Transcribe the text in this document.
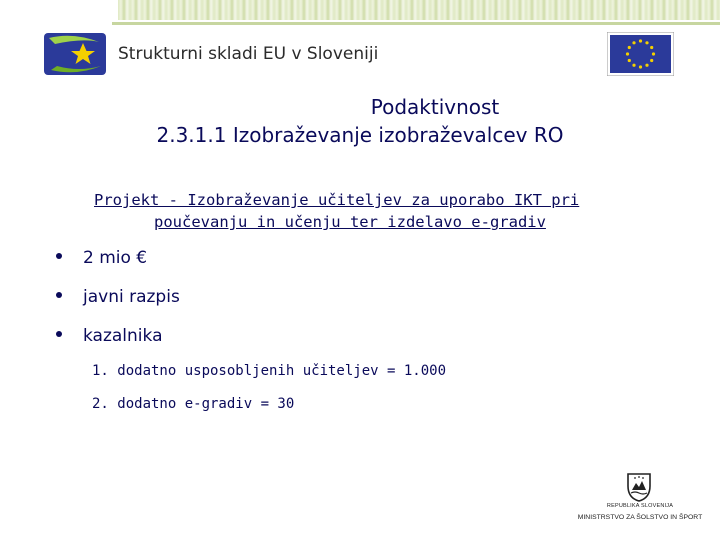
Strukturni skladi EU v Sloveniji
Podaktivnost
2.3.1.1 Izobraževanje izobraževalcev RO
Projekt - Izobraževanje učiteljev za uporabo IKT pri
poučevanju in učenju ter izdelavo e-gradiv
2 mio €
javni razpis
kazalnika
1. dodatno usposobljenih učiteljev = 1.000
2. dodatno e-gradiv = 30
REPUBLIKA SLOVENIJA
MINISTRSTVO ZA ŠOLSTVO IN ŠPORT
